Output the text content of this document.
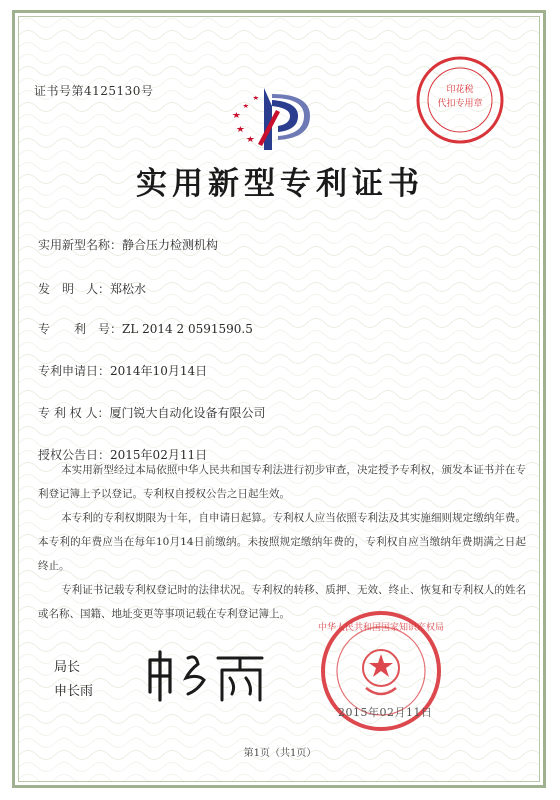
证书号第4125130号	印花税
代扣专用章
实用新型专利证书
实用新型名称：静合压力检测机构
发　明　人：郑松水
专　　利　号：ZL 2014 2 0591590.5
专利申请日：2014年10月14日
专 利 权 人：厦门锐大自动化设备有限公司
授权公告日：2015年02月11日

本实用新型经过本局依照中华人民共和国专利法进行初步审查，决定授予专利权，颁发本证书并在专利登记簿上予以登记。专利权自授权公告之日起生效。

本专利的专利权期限为十年，自申请日起算。专利权人应当依照专利法及其实施细则规定缴纳年费。本专利的年费应当在每年10月14日前缴纳。未按照规定缴纳年费的，专利权自应当缴纳年费期满之日起终止。

专利证书记载专利权登记时的法律状况。专利权的转移、质押、无效、终止、恢复和专利权人的姓名或名称、国籍、地址变更等事项记载在专利登记簿上。

局长
申长雨
中华人民共和国国家知识产权局
2015年02月11日
第1页（共1页）
